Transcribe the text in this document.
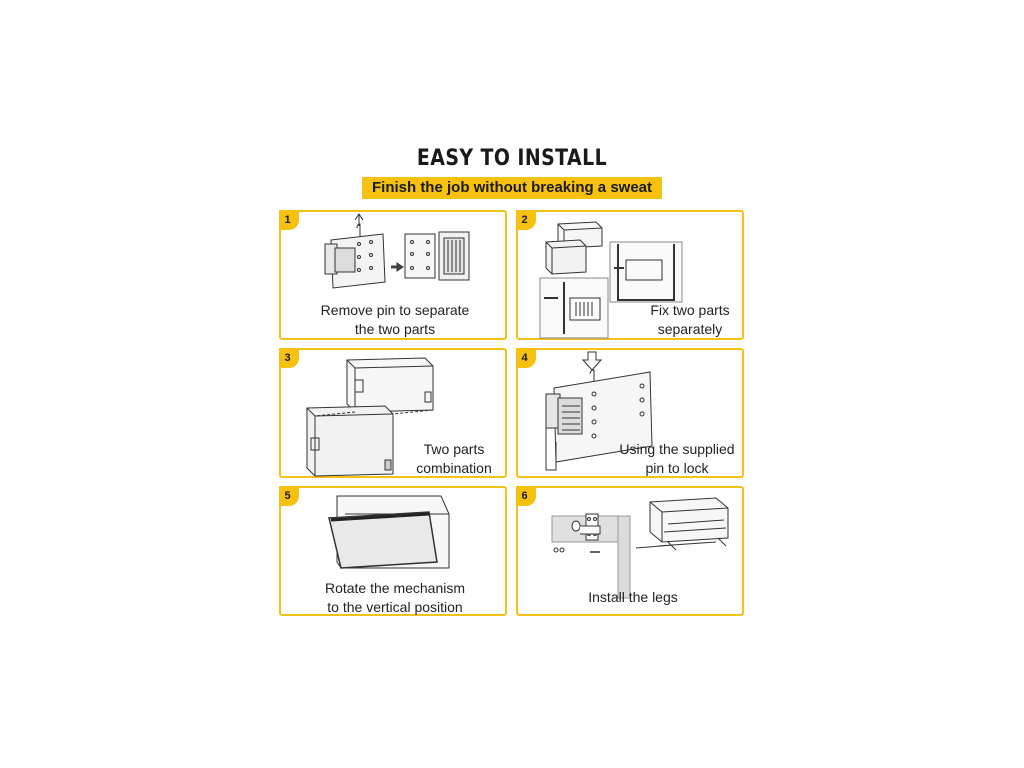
EASY TO INSTALL
Finish the job without breaking a sweat
1
Remove pin to separate
the two parts
2
Fix two parts
separately
3
Two parts
combination
4
Using the supplied
pin to lock
5
Rotate the mechanism
to the vertical position
6
Install the legs
